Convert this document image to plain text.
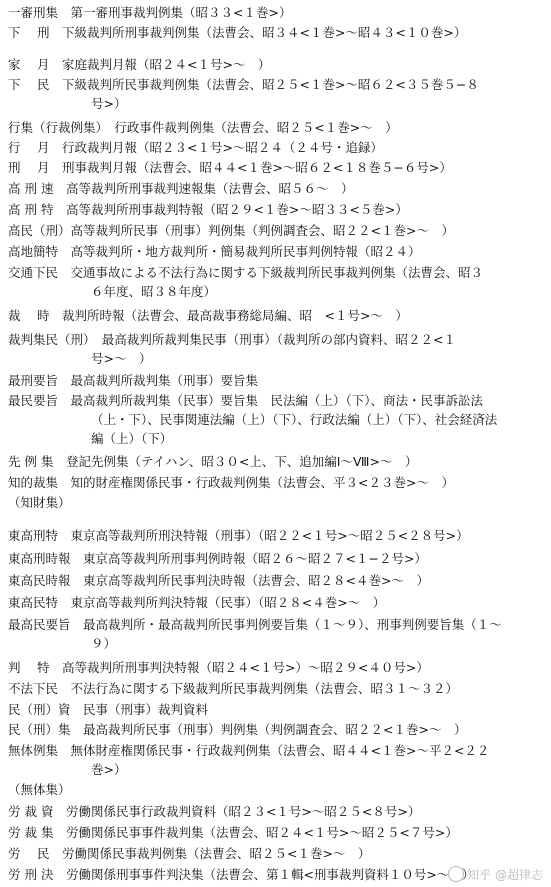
一審刑集　第一審刑事裁判例集（昭３３<１巻>）
下　 刑　下級裁判所刑事裁判例集（法曹会、昭３４<１巻>〜昭４３<１０巻>）
家　 月　家庭裁判月報（昭２４<１号>〜　）
下　 民　下級裁判所民事裁判例集（法曹会、昭２５<１巻>〜昭６２<３５巻５−８
号>）
行集（行裁例集）　行政事件裁判例集（法曹会、昭２５<１巻>〜　）
行　 月　行政裁判月報（昭２３<１号>〜昭２４（２４号・追録）
刑　 月　刑事裁判月報（法曹会、昭４４<１巻>〜昭６２<１８巻５−６号>）
高 刑 速　高等裁判所刑事裁判速報集（法曹会、昭５６〜　）
高 刑 特　高等裁判所刑事裁判特報（昭２９<１巻>〜昭３３<５巻>）
高民（刑）高等裁判所民事（刑事）判例集（判例調査会、昭２２<１巻>〜　）
高地簡特　高等裁判所・地方裁判所・簡易裁判所民事判例特報（昭２４）
交通下民　交通事故による不法行為に関する下級裁判所民事裁判例集（法曹会、昭３
６年度、昭３８年度）
裁　 時　裁判所時報（法曹会、最高裁事務総局編、昭　<１号>〜　）
裁判集民（刑）　最高裁判所裁判集民事（刑事）（裁判所の部内資料、昭２２<１
号>〜　）
最刑要旨　最高裁判所裁判集（刑事）要旨集
最民要旨　最高裁判所裁判集（民事）要旨集　民法編（上）（下）、商法・民事訴訟法
（上・下）、民事関連法編（上）（下）、行政法編（上）（下）、社会経済法
編（上）（下）
先 例 集　登記先例集（テイハン、昭３０<上、下、追加編Ⅰ〜Ⅷ>〜　）
知的裁集　知的財産権関係民事・行政裁判例集（法曹会、平３<２３巻>〜　）
（知財集）
東高刑特　東京高等裁判所刑決特報（刑事）（昭２２<１号>〜昭２５<２８号>）
東高刑時報　東京高等裁判所刑事判例時報（昭２６〜昭２７<１−２号>）
東高民時報　東京高等裁判所民事判決時報（法曹会、昭２８<４巻>〜　）
東高民特　東京高等裁判所判決特報（民事）（昭２８<４巻>〜　）
最高民要旨　最高裁判所・最高裁判所民事判例要旨集（１〜９）、刑事判例要旨集（１〜
９）
判　 特　高等裁判所刑事判決特報（昭２４<１号>）〜昭２９<４０号>）
不法下民　不法行為に関する下級裁判所民事裁判例集（法曹会、昭３１〜３２）
民（刑）資　民事（刑事）裁判資料
民（刑）集　最高裁判所民事（刑事）判例集（判例調査会、昭２２<１巻>〜　）
無体例集　無体財産権関係民事・行政裁判例集（法曹会、昭４４<１巻>〜平２<２２
巻>）
（無体集）
労 裁 資　労働関係民事行政裁判資料（昭２３<１号>〜昭２５<８号>）
労 裁 集　労働関係民事事件裁判集（法曹会、昭２４<１号>〜昭２５<７号>）
労　 民　労働関係民事裁判例集（法曹会、昭２５<１巻>〜　）
労 刑 決　労働関係刑事事件判決集（法曹会、第１輯<刑事裁判資料１０号>〜　）
知乎 @超律志
